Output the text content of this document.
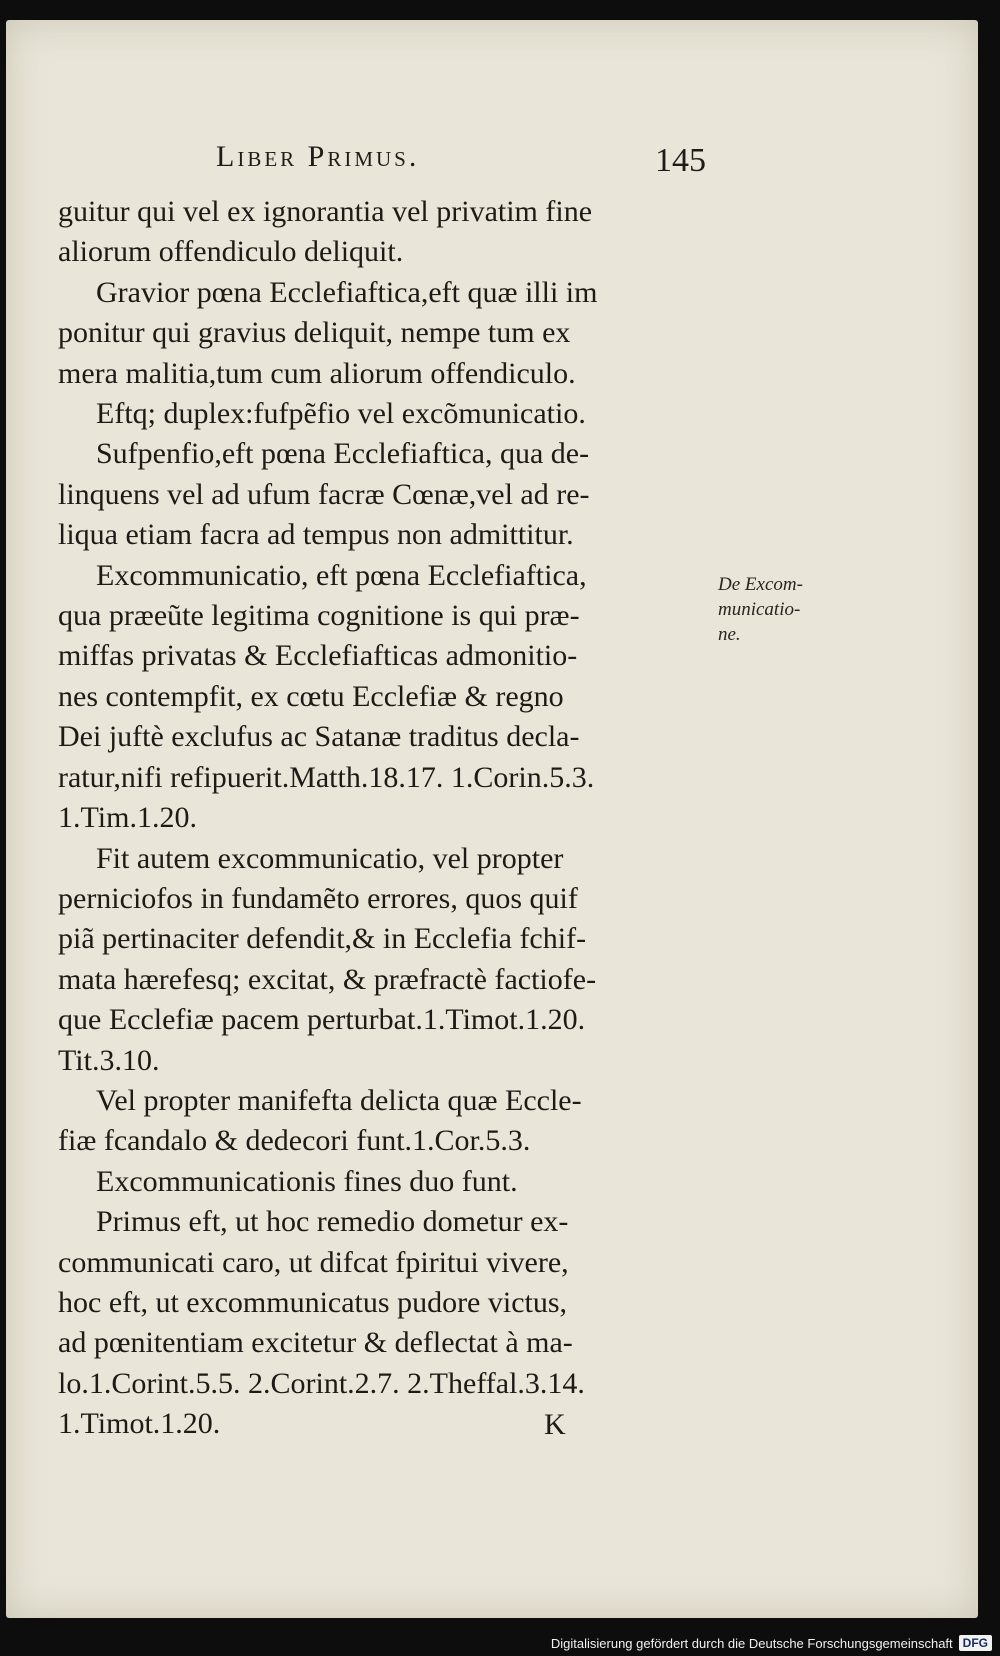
Liber Primus.	145
guitur qui vel ex ignorantia vel privatim fine
aliorum offendiculo deliquit.
Gravior pœna Ecclefiaftica,eft quæ illi im
ponitur qui gravius deliquit, nempe tum ex
mera malitia,tum cum aliorum offendiculo.
Eftq; duplex:fufpẽfio vel excõmunicatio.
Sufpenfio,eft pœna Ecclefiaftica, qua de-
linquens vel ad ufum facræ Cœnæ,vel ad re-
liqua etiam facra ad tempus non admittitur.
Excommunicatio, eft pœna Ecclefiaftica,
qua præeũte legitima cognitione is qui præ-
miffas privatas & Ecclefiafticas admonitio-
nes contempfit, ex cœtu Ecclefiæ & regno
Dei juftè exclufus ac Satanæ traditus decla-
ratur,nifi refipuerit.Matth.18.17. 1.Corin.5.3.
1.Tim.1.20.
Fit autem excommunicatio, vel propter
perniciofos in fundamẽto errores, quos quif
piã pertinaciter defendit,& in Ecclefia fchif-
mata hærefesq; excitat, & præfractè factiofe-
que Ecclefiæ pacem perturbat.1.Timot.1.20.
Tit.3.10.
Vel propter manifefta delicta quæ Eccle-
fiæ fcandalo & dedecori funt.1.Cor.5.3.
Excommunicationis fines duo funt.
Primus eft, ut hoc remedio dometur ex-
communicati caro, ut difcat fpiritui vivere,
hoc eft, ut excommunicatus pudore victus,
ad pœnitentiam excitetur & deflectat à ma-
lo.1.Corint.5.5. 2.Corint.2.7. 2.Theffal.3.14.
1.Timot.1.20.
De Excom-
municatio-
ne.
K
Digitalisierung gefördert durch die Deutsche Forschungsgemeinschaft DFG
